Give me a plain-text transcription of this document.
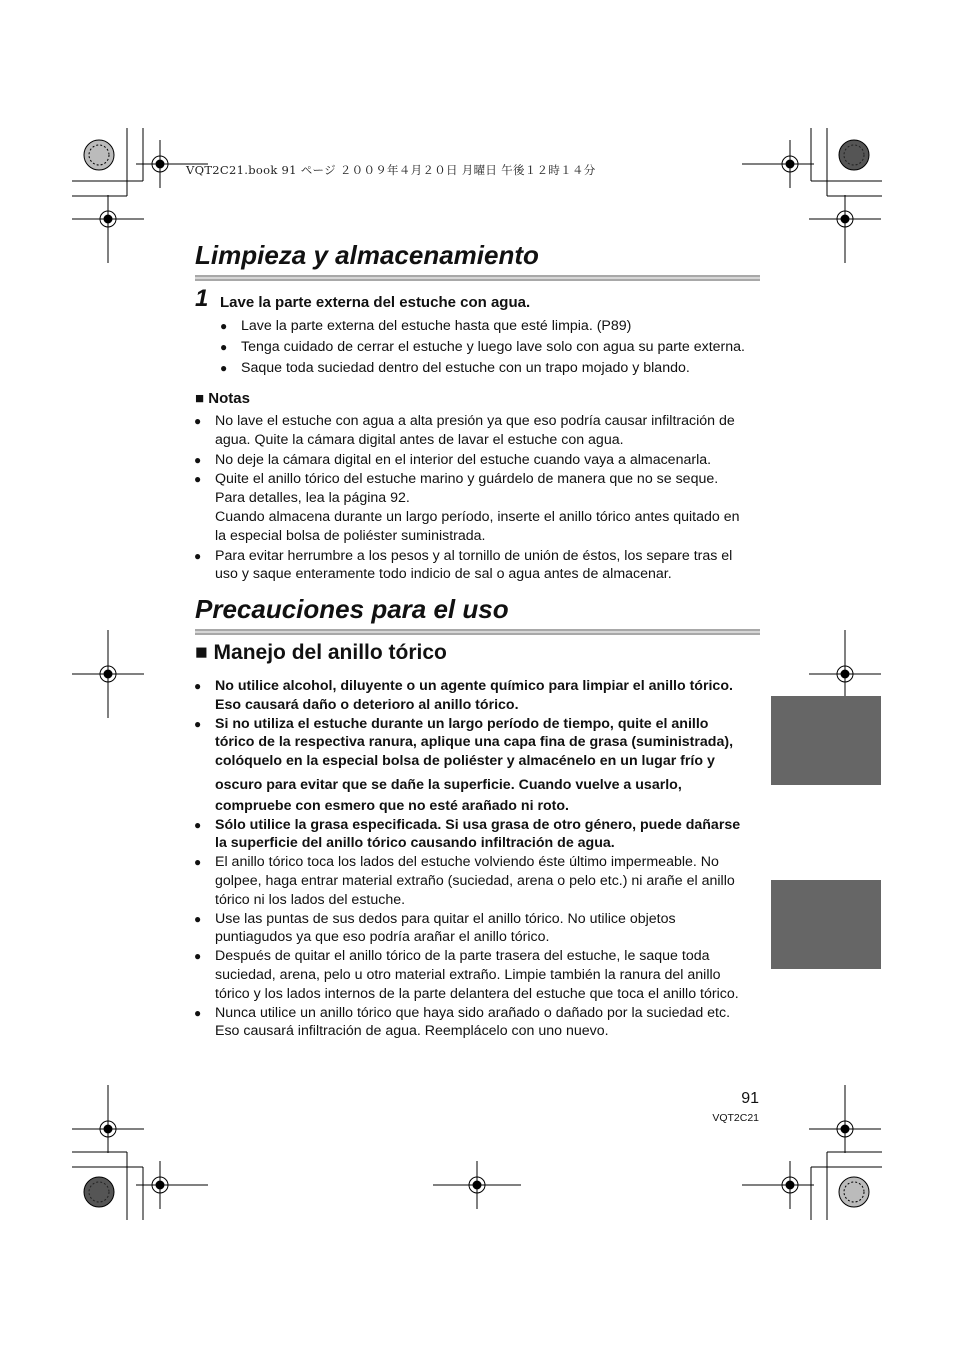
VQT2C21.book 91 ページ ２００９年４月２０日 月曜日 午後１２時１４分
Limpieza y almacenamiento
1 Lave la parte externa del estuche con agua.
● Lave la parte externa del estuche hasta que esté limpia. (P89)
● Tenga cuidado de cerrar el estuche y luego lave solo con agua su parte externa.
● Saque toda suciedad dentro del estuche con un trapo mojado y blando.
■ Notas
● No lave el estuche con agua a alta presión ya que eso podría causar infiltración de
agua. Quite la cámara digital antes de lavar el estuche con agua.
● No deje la cámara digital en el interior del estuche cuando vaya a almacenarla.
● Quite el anillo tórico del estuche marino y guárdelo de manera que no se seque.
Para detalles, lea la página 92.
Cuando almacena durante un largo período, inserte el anillo tórico antes quitado en
la especial bolsa de poliéster suministrada.
● Para evitar herrumbre a los pesos y al tornillo de unión de éstos, los separe tras el
uso y saque enteramente todo indicio de sal o agua antes de almacenar.
Precauciones para el uso
■ Manejo del anillo tórico
● No utilice alcohol, diluyente o un agente químico para limpiar el anillo tórico.
Eso causará daño o deterioro al anillo tórico.
● Si no utiliza el estuche durante un largo período de tiempo, quite el anillo
tórico de la respectiva ranura, aplique una capa fina de grasa (suministrada),
colóquelo en la especial bolsa de poliéster y almacénelo en un lugar frío y
oscuro para evitar que se dañe la superficie. Cuando vuelve a usarlo,
compruebe con esmero que no esté arañado ni roto.
● Sólo utilice la grasa especificada. Si usa grasa de otro género, puede dañarse
la superficie del anillo tórico causando infiltración de agua.
● El anillo tórico toca los lados del estuche volviendo éste último impermeable. No
golpee, haga entrar material extraño (suciedad, arena o pelo etc.) ni arañe el anillo
tórico ni los lados del estuche.
● Use las puntas de sus dedos para quitar el anillo tórico. No utilice objetos
puntiagudos ya que eso podría arañar el anillo tórico.
● Después de quitar el anillo tórico de la parte trasera del estuche, le saque toda
suciedad, arena, pelo u otro material extraño. Limpie también la ranura del anillo
tórico y los lados internos de la parte delantera del estuche que toca el anillo tórico.
● Nunca utilice un anillo tórico que haya sido arañado o dañado por la suciedad etc.
Eso causará infiltración de agua. Reemplácelo con uno nuevo.
91
VQT2C21
